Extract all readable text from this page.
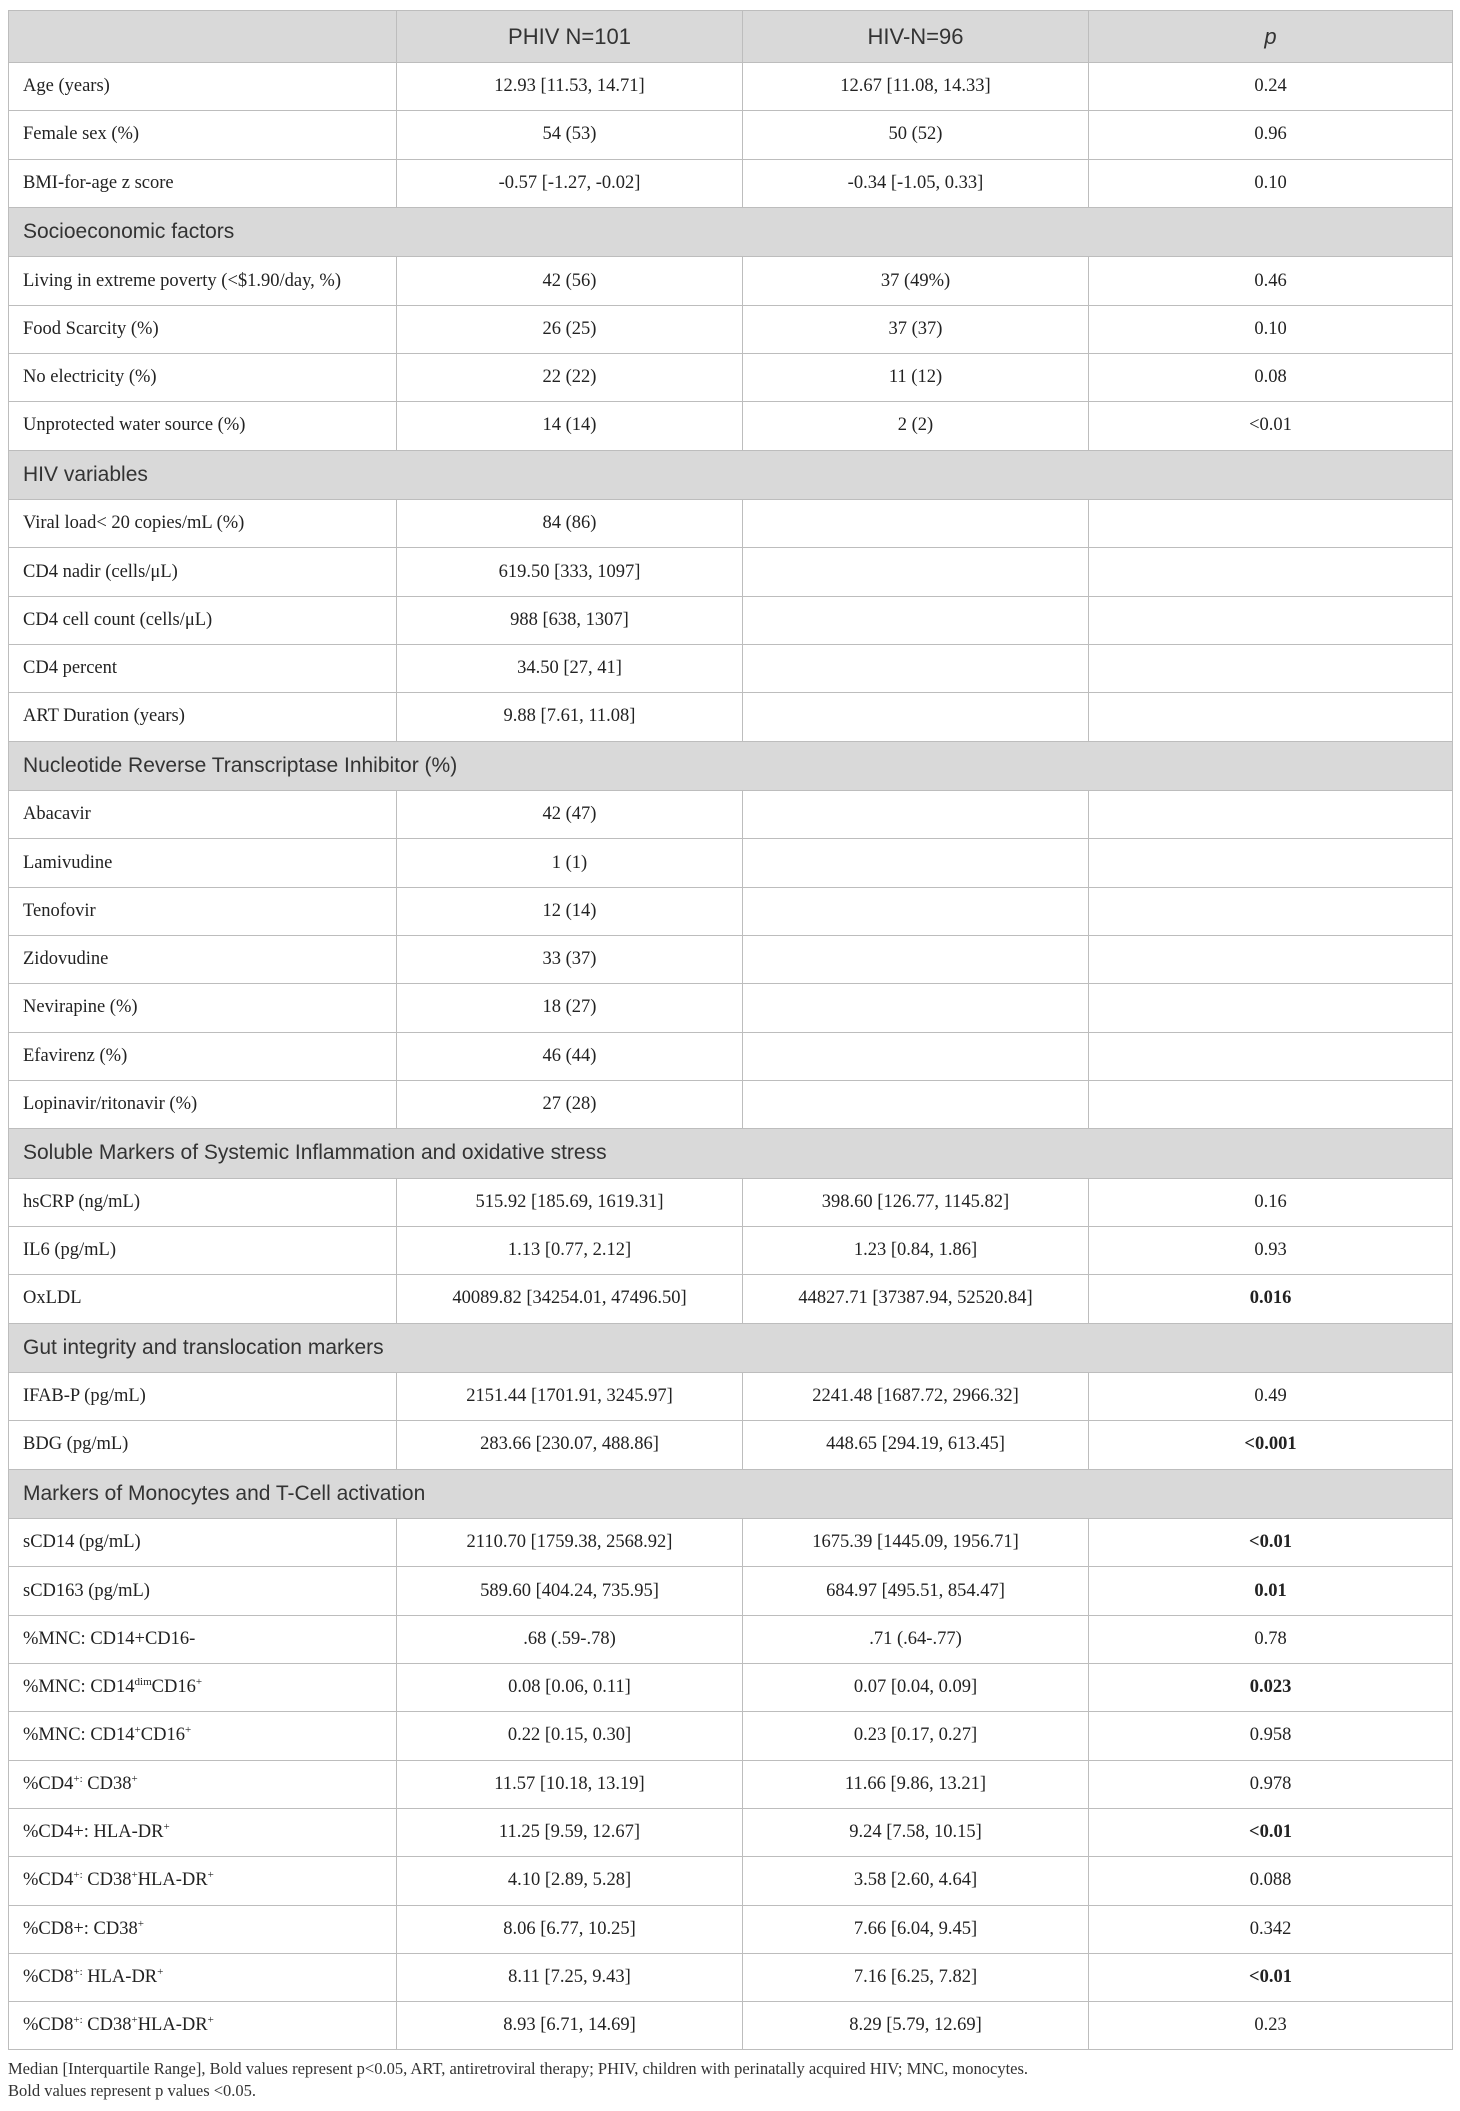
	PHIV N=101	HIV-N=96	p
Age (years)	12.93 [11.53, 14.71]	12.67 [11.08, 14.33]	0.24
Female sex (%)	54 (53)	50 (52)	0.96
BMI-for-age z score	-0.57 [-1.27, -0.02]	-0.34 [-1.05, 0.33]	0.10
Socioeconomic factors			
Living in extreme poverty (<$1.90/day, %)	42 (56)	37 (49%)	0.46
Food Scarcity (%)	26 (25)	37 (37)	0.10
No electricity (%)	22 (22)	11 (12)	0.08
Unprotected water source (%)	14 (14)	2 (2)	<0.01
HIV variables			
Viral load< 20 copies/mL (%)	84 (86)		
CD4 nadir (cells/μL)	619.50 [333, 1097]		
CD4 cell count (cells/μL)	988 [638, 1307]		
CD4 percent	34.50 [27, 41]		
ART Duration (years)	9.88 [7.61, 11.08]		
Nucleotide Reverse Transcriptase Inhibitor (%)			
Abacavir	42 (47)		
Lamivudine	1 (1)		
Tenofovir	12 (14)		
Zidovudine	33 (37)		
Nevirapine (%)	18 (27)		
Efavirenz (%)	46 (44)		
Lopinavir/ritonavir (%)	27 (28)		
Soluble Markers of Systemic Inflammation and oxidative stress			
hsCRP (ng/mL)	515.92 [185.69, 1619.31]	398.60 [126.77, 1145.82]	0.16
IL6 (pg/mL)	1.13 [0.77, 2.12]	1.23 [0.84, 1.86]	0.93
OxLDL	40089.82 [34254.01, 47496.50]	44827.71 [37387.94, 52520.84]	0.016
Gut integrity and translocation markers			
IFAB-P (pg/mL)	2151.44 [1701.91, 3245.97]	2241.48 [1687.72, 2966.32]	0.49
BDG (pg/mL)	283.66 [230.07, 488.86]	448.65 [294.19, 613.45]	<0.001
Markers of Monocytes and T-Cell activation			
sCD14 (pg/mL)	2110.70 [1759.38, 2568.92]	1675.39 [1445.09, 1956.71]	<0.01
sCD163 (pg/mL)	589.60 [404.24, 735.95]	684.97 [495.51, 854.47]	0.01
%MNC: CD14+CD16-	.68 (.59-.78)	.71 (.64-.77)	0.78
%MNC: $CD14^{dim}CD16^+$	0.08 [0.06, 0.11]	0.07 [0.04, 0.09]	0.023
%MNC: CD14+CD16+	0.22 [0.15, 0.30]	0.23 [0.17, 0.27]	0.958
%CD4+: CD38+	11.57 [10.18, 13.19]	11.66 [9.86, 13.21]	0.978
%CD4+: HLA-DR+	11.25 [9.59, 12.67]	9.24 [7.58, 10.15]	<0.01
%CD4+: CD38+HLA-DR+	4.10 [2.89, 5.28]	3.58 [2.60, 4.64]	0.088
%CD8+: CD38+	8.06 [6.77, 10.25]	7.66 [6.04, 9.45]	0.342
%CD8+: HLA-DR+	8.11 [7.25, 9.43]	7.16 [6.25, 7.82]	<0.01
%CD8+: CD38+HLA-DR+	8.93 [6.71, 14.69]	8.29 [5.79, 12.69]	0.23
Median [Interquartile Range], Bold values represent p<0.05, ART, antiretroviral therapy; PHIV, children with perinatally acquired HIV; MNC, monocytes.
Bold values represent p values <0.05.
